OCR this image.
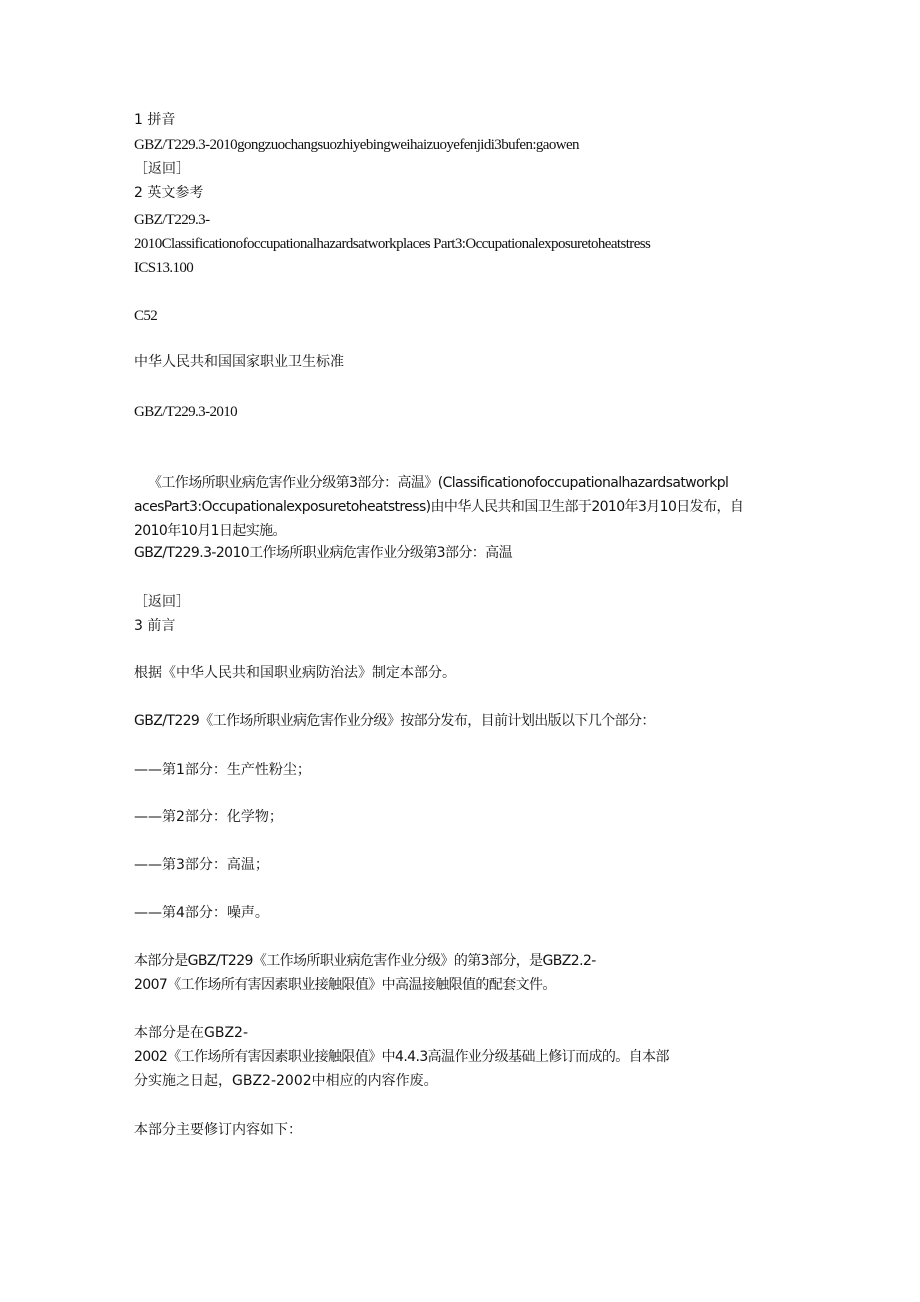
1 拼音
GBZ/T229.3-2010gongzuochangsuozhiyebingweihaizuoyefenjidi3bufen:gaowen
［返回］
2 英文参考
GBZ/T229.3-
2010Classificationofoccupationalhazardsatworkplaces Part3:Occupationalexposuretoheatstress
ICS13.100
C52
中华人民共和国国家职业卫生标准
GBZ/T229.3-2010
《工作场所职业病危害作业分级第3部分：高温》(Classificationofoccupationalhazardsatworkpl
acesPart3:Occupationalexposuretoheatstress)由中华人民共和国卫生部于2010年3月10日发布，自
2010年10月1日起实施。
GBZ/T229.3-2010工作场所职业病危害作业分级第3部分：高温
［返回］
3 前言
根据《中华人民共和国职业病防治法》制定本部分。
GBZ/T229《工作场所职业病危害作业分级》按部分发布，目前计划出版以下几个部分：
——第1部分：生产性粉尘；
——第2部分：化学物；
——第3部分：高温；
——第4部分：噪声。
本部分是GBZ/T229《工作场所职业病危害作业分级》的第3部分，是GBZ2.2-
2007《工作场所有害因素职业接触限值》中高温接触限值的配套文件。
本部分是在GBZ2-
2002《工作场所有害因素职业接触限值》中4.4.3高温作业分级基础上修订而成的。自本部
分实施之日起，GBZ2-2002中相应的内容作废。
本部分主要修订内容如下：
